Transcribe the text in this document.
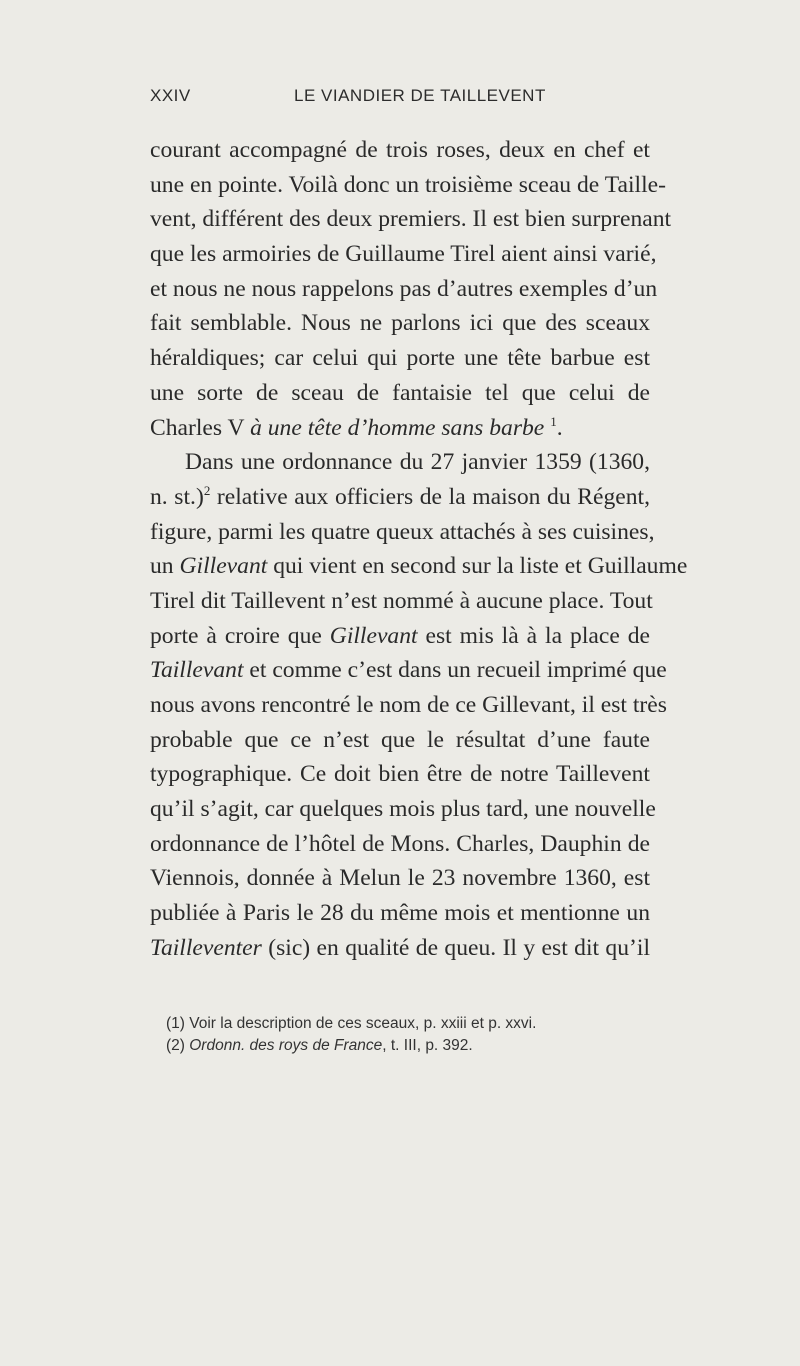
XXIV	LE VIANDIER DE TAILLEVENT
courant accompagné de trois roses, deux en chef et
une en pointe. Voilà donc un troisième sceau de Taille-
vent, différent des deux premiers. Il est bien surprenant
que les armoiries de Guillaume Tirel aient ainsi varié,
et nous ne nous rappelons pas d’autres exemples d’un
fait semblable. Nous ne parlons ici que des sceaux
héraldiques; car celui qui porte une tête barbue est
une sorte de sceau de fantaisie tel que celui de
Charles V à une tête d’homme sans barbe $^1$.
Dans une ordonnance du 27 janvier 1359 (1360,
n. st.)$^2$ relative aux officiers de la maison du Régent,
figure, parmi les quatre queux attachés à ses cuisines,
un Gillevant qui vient en second sur la liste et Guillaume
Tirel dit Taillevent n’est nommé à aucune place. Tout
porte à croire que Gillevant est mis là à la place de
Taillevant et comme c’est dans un recueil imprimé que
nous avons rencontré le nom de ce Gillevant, il est très
probable que ce n’est que le résultat d’une faute
typographique. Ce doit bien être de notre Taillevent
qu’il s’agit, car quelques mois plus tard, une nouvelle
ordonnance de l’hôtel de Mons. Charles, Dauphin de
Viennois, donnée à Melun le 23 novembre 1360, est
publiée à Paris le 28 du même mois et mentionne un
Tailleventer (sic) en qualité de queu. Il y est dit qu’il
(1) Voir la description de ces sceaux, p. xxiii et p. xxvi.
(2) Ordonn. des roys de France, t. III, p. 392.
